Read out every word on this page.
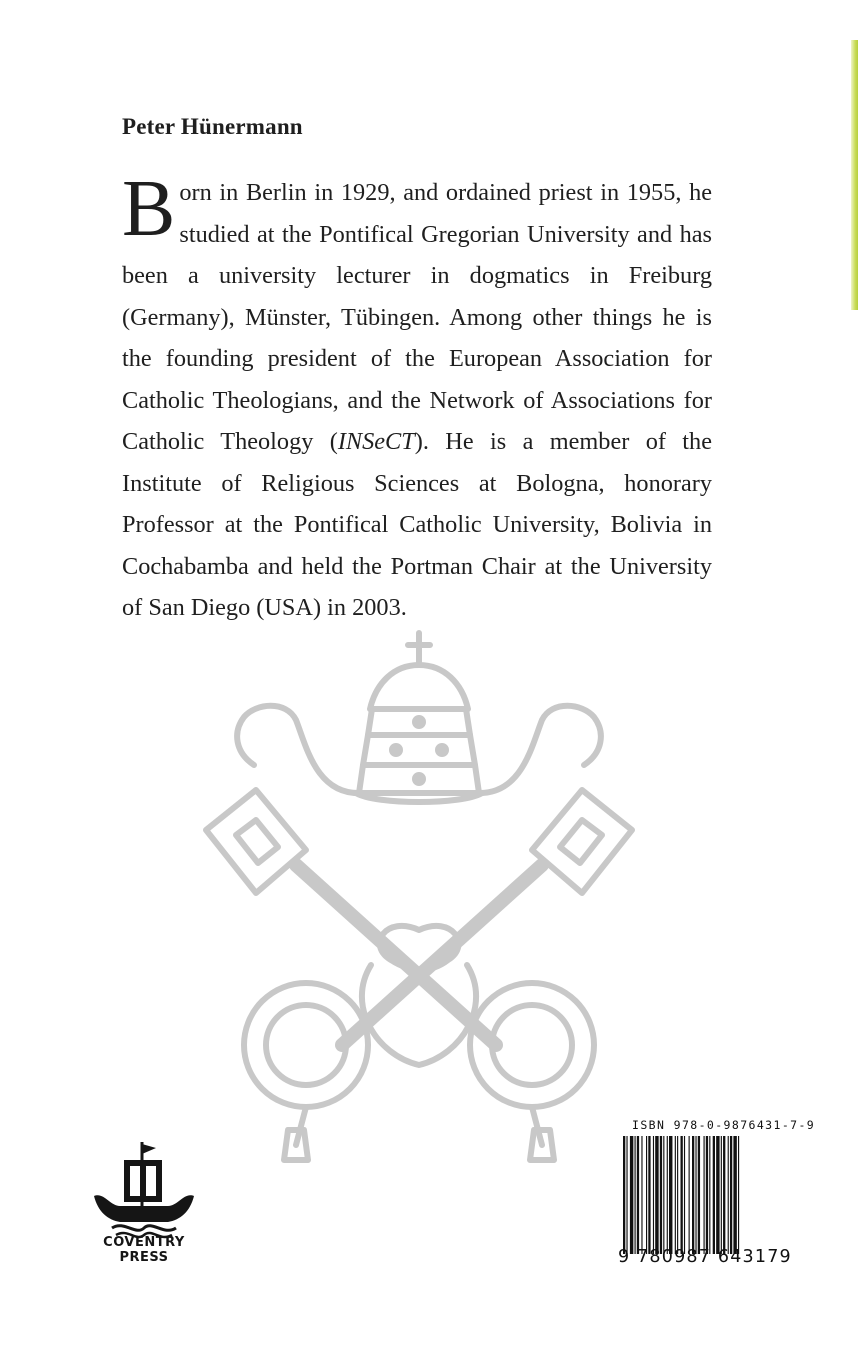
Peter Hünermann

Born in Berlin in 1929, and ordained priest in 1955, he studied at the Pontifical Gregorian University and has been a university lecturer in dogmatics in Freiburg (Germany), Münster, Tübingen. Among other things he is the founding president of the European Association for Catholic Theologians, and the Network of Associations for Catholic Theology (INSeCT). He is a member of the Institute of Religious Sciences at Bologna, honorary Professor at the Pontifical Catholic University, Bolivia in Cochabamba and held the Portman Chair at the University of San Diego (USA) in 2003.

COVENTRY
PRESS
ISBN 978-0-9876431-7-9
9 780987 643179
